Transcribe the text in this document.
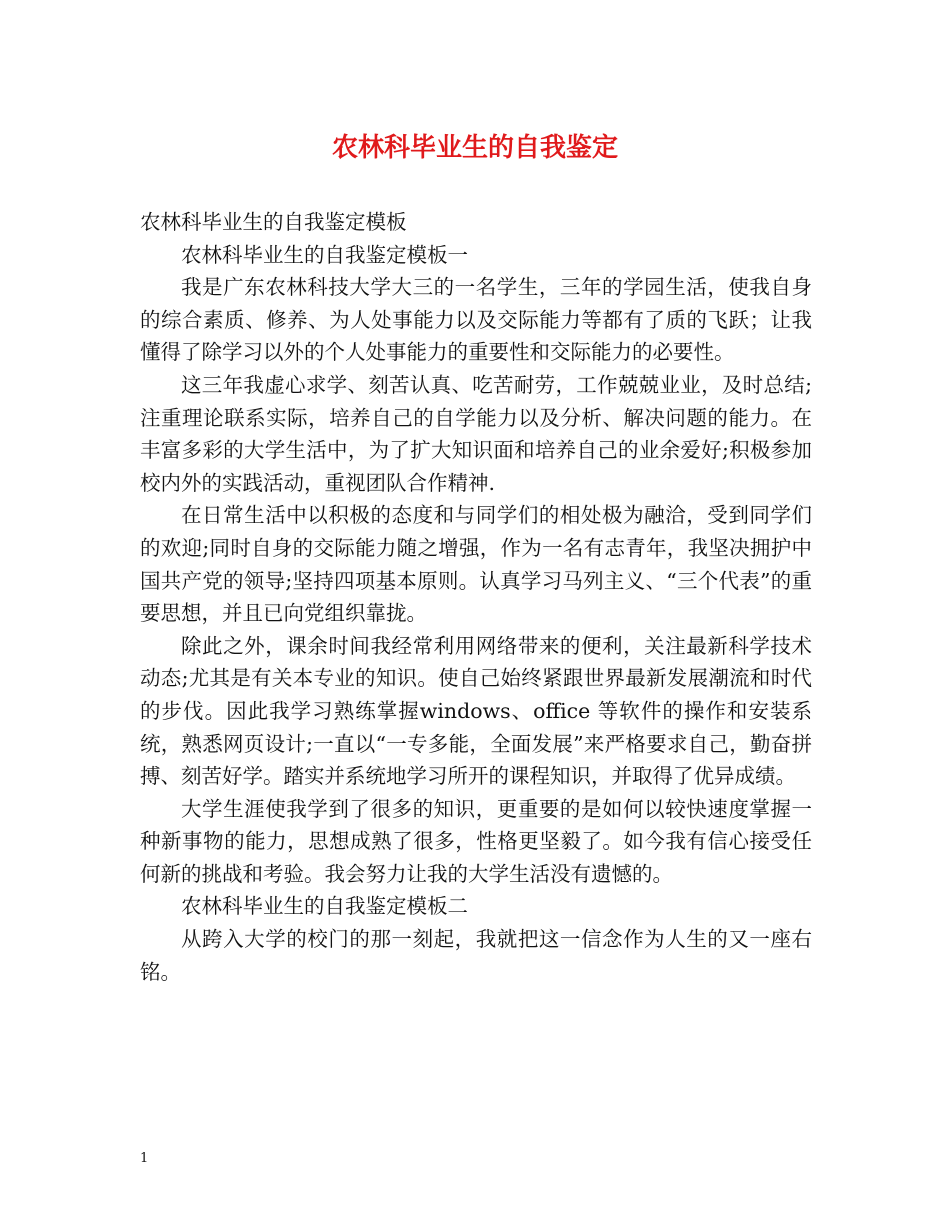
农林科毕业生的自我鉴定

农林科毕业生的自我鉴定模板

农林科毕业生的自我鉴定模板一

我是广东农林科技大学大三的一名学生，三年的学园生活，使我自身的综合素质、修养、为人处事能力以及交际能力等都有了质的飞跃；让我懂得了除学习以外的个人处事能力的重要性和交际能力的必要性。

这三年我虚心求学、刻苦认真、吃苦耐劳，工作兢兢业业，及时总结;注重理论联系实际，培养自己的自学能力以及分析、解决问题的能力。在丰富多彩的大学生活中，为了扩大知识面和培养自己的业余爱好;积极参加校内外的实践活动，重视团队合作精神.

在日常生活中以积极的态度和与同学们的相处极为融洽，受到同学们的欢迎;同时自身的交际能力随之增强，作为一名有志青年，我坚决拥护中国共产党的领导;坚持四项基本原则。认真学习马列主义、“三个代表”的重要思想，并且已向党组织靠拢。

除此之外，课余时间我经常利用网络带来的便利，关注最新科学技术动态;尤其是有关本专业的知识。使自己始终紧跟世界最新发展潮流和时代的步伐。因此我学习熟练掌握windows、office 等软件的操作和安装系统，熟悉网页设计;一直以“一专多能，全面发展”来严格要求自己，勤奋拼搏、刻苦好学。踏实并系统地学习所开的课程知识，并取得了优异成绩。

大学生涯使我学到了很多的知识，更重要的是如何以较快速度掌握一种新事物的能力，思想成熟了很多，性格更坚毅了。如今我有信心接受任何新的挑战和考验。我会努力让我的大学生活没有遗憾的。

农林科毕业生的自我鉴定模板二

从跨入大学的校门的那一刻起，我就把这一信念作为人生的又一座右铭。

1
